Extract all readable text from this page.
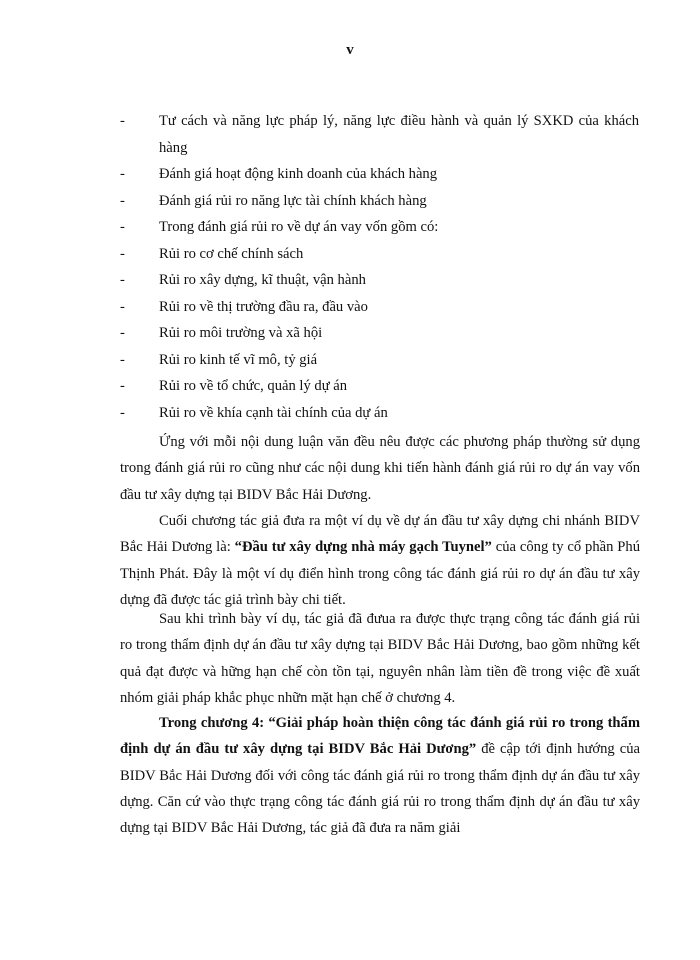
v
- Tư cách và năng lực pháp lý, năng lực điều hành và quản lý SXKD của khách hàng
- Đánh giá hoạt động kinh doanh của khách hàng
- Đánh giá rủi ro năng lực tài chính khách hàng
- Trong đánh giá rủi ro về dự án vay vốn gồm có:
- Rủi ro cơ chế chính sách
- Rủi ro xây dựng, kĩ thuật, vận hành
- Rủi ro về thị trường đầu ra, đầu vào
- Rủi ro môi trường và xã hội
- Rủi ro kinh tế vĩ mô, tỷ giá
- Rủi ro về tổ chức, quản lý dự án
- Rủi ro về khía cạnh tài chính của dự án

Ứng với mỗi nội dung luận văn đều nêu được các phương pháp thường sử dụng trong đánh giá rủi ro cũng như các nội dung khi tiến hành đánh giá rủi ro dự án vay vốn đầu tư xây dựng tại BIDV Bắc Hải Dương.

Cuối chương tác giả đưa ra một ví dụ về dự án đầu tư xây dựng chi nhánh BIDV Bắc Hải Dương là: “Đầu tư xây dựng nhà máy gạch Tuynel” của công ty cổ phần Phú Thịnh Phát. Đây là một ví dụ điển hình trong công tác đánh giá rủi ro dự án đầu tư xây dựng đã được tác giả trình bày chi tiết.

Sau khi trình bày ví dụ, tác giả đã đưua ra được thực trạng công tác đánh giá rủi ro trong thẩm định dự án đầu tư xây dựng tại BIDV Bắc Hải Dương, bao gồm những kết quả đạt được và hững hạn chế còn tồn tại, nguyên nhân làm tiền đề trong việc đề xuất nhóm giải pháp khắc phục nhữn mặt hạn chế ở chương 4.

Trong chương 4: “Giải pháp hoàn thiện công tác đánh giá rủi ro trong thẩm định dự án đầu tư xây dựng tại BIDV Bắc Hải Dương” đề cập tới định hướng của BIDV Bắc Hải Dương đối với công tác đánh giá rủi ro trong thẩm định dự án đầu tư xây dựng. Căn cứ vào thực trạng công tác đánh giá rủi ro trong thẩm định dự án đầu tư xây dựng tại BIDV Bắc Hải Dương, tác giả đã đưa ra năm giải
